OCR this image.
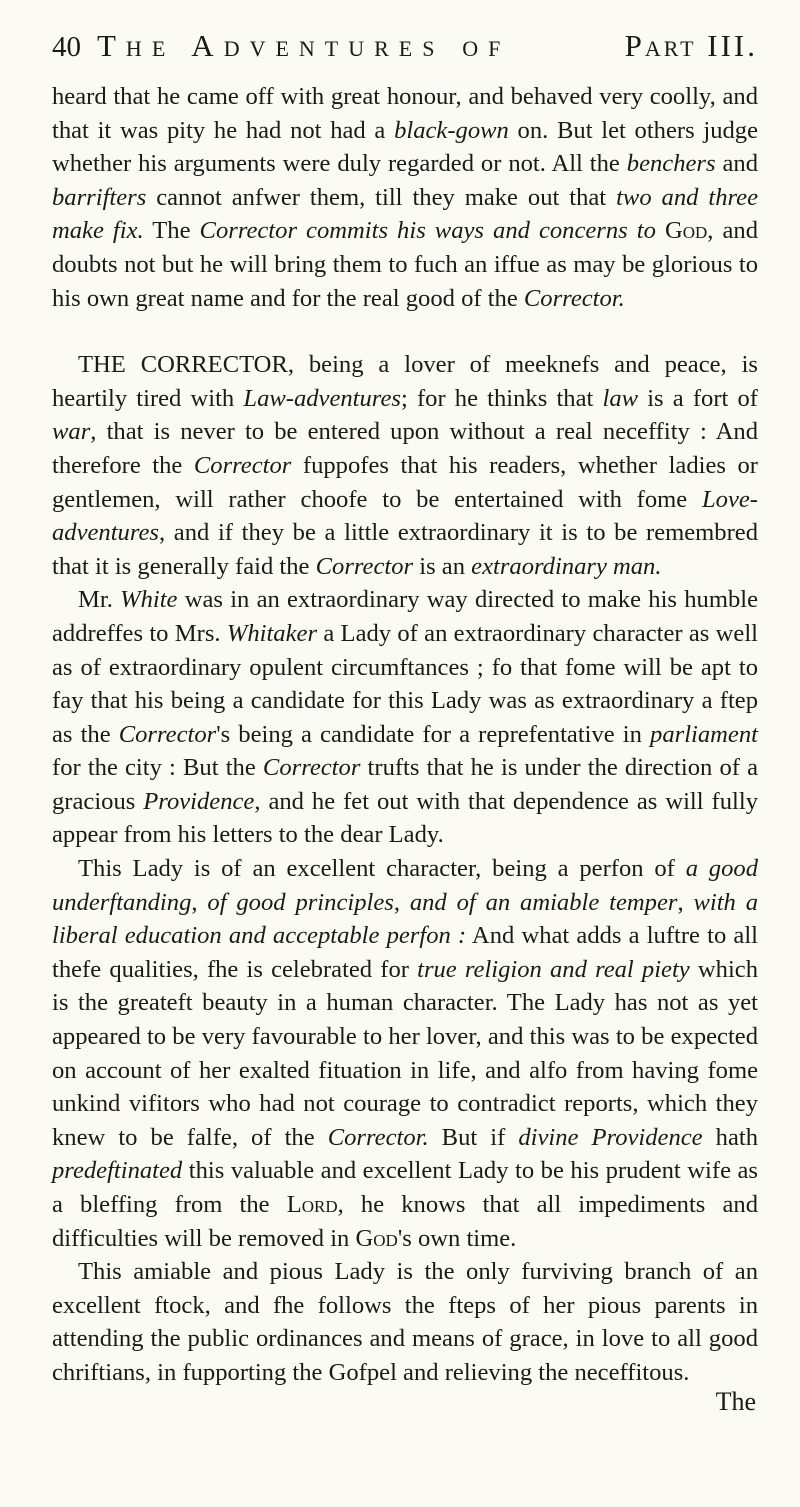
40 The Adventures of	Part III.

heard that he came off with great honour, and behaved very coolly, and that it was pity he had not had a black-gown on. But let others judge whether his arguments were duly regarded or not. All the benchers and barrifters cannot anfwer them, till they make out that two and three make fix. The Corrector commits his ways and concerns to God, and doubts not but he will bring them to fuch an iffue as may be glorious to his own great name and for the real good of the Corrector.

THE CORRECTOR, being a lover of meeknefs and peace, is heartily tired with Law-adventures; for he thinks that law is a fort of war, that is never to be entered upon without a real neceffity : And therefore the Corrector fuppofes that his readers, whether ladies or gentlemen, will rather choofe to be entertained with fome Love-adventures, and if they be a little extraordinary it is to be remembred that it is generally faid the Corrector is an extraordinary man.

Mr. White was in an extraordinary way directed to make his humble addreffes to Mrs. Whitaker a Lady of an extraordinary character as well as of extraordinary opulent circumftances ; fo that fome will be apt to fay that his being a candidate for this Lady was as extraordinary a ftep as the Corrector's being a candidate for a reprefentative in parliament for the city : But the Corrector trufts that he is under the direction of a gracious Providence, and he fet out with that dependence as will fully appear from his letters to the dear Lady.

This Lady is of an excellent character, being a perfon of a good underftanding, of good principles, and of an amiable temper, with a liberal education and acceptable perfon : And what adds a luftre to all thefe qualities, fhe is celebrated for true religion and real piety which is the greateft beauty in a human character. The Lady has not as yet appeared to be very favourable to her lover, and this was to be expected on account of her exalted fituation in life, and alfo from having fome unkind vifitors who had not courage to contradict reports, which they knew to be falfe, of the Corrector. But if divine Providence hath predeftinated this valuable and excellent Lady to be his prudent wife as a bleffing from the Lord, he knows that all impediments and difficulties will be removed in God's own time.

This amiable and pious Lady is the only furviving branch of an excellent ftock, and fhe follows the fteps of her pious parents in attending the public ordinances and means of grace, in love to all good chriftians, in fupporting the Gofpel and relieving the neceffitous.

The
